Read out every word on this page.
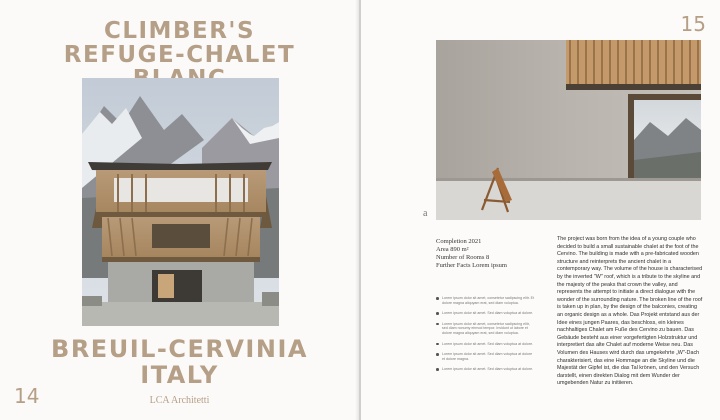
CLIMBER'S
REFUGE-CHALET
BREUIL-CERVINIA
ITALY
14	LCA Architetti
15
a
Completion 2021
Area 890 m²
Number of Rooms 8
Further Facts Lorem ipsum
Lorem ipsum dolor sit amet, consetetur sadipscing elitr. Et dolore magna aliquyam erat, sed diam voluptua.
Lorem ipsum dolor sit amet. Sed diam voluptua at dolore.
Lorem ipsum dolor sit amet, consetetur sadipscing elitr, sed diam nonumy eirmod tempor. Invidunt ut labore et dolore magna aliquyam erat, sed diam voluptua.
Lorem ipsum dolor sit amet. Sed diam voluptua at dolore.
Lorem ipsum dolor sit amet. Sed diam voluptua at dolore et dolore magna.
Lorem ipsum dolor sit amet. Sed diam voluptua at dolore.

The project was born from the idea of a young couple who decided to build a small sustainable chalet at the foot of the Cervino. The building is made with a pre-fabricated wooden structure and reinterprets the ancient chalet in a contemporary way. The volume of the house is characterised by the inverted "W" roof, which is a tribute to the skyline and the majesty of the peaks that crown the valley, and represents the attempt to initiate a direct dialogue with the wonder of the surrounding nature. The broken line of the roof is taken up in plan, by the design of the balconies, creating an organic design as a whole. Das Projekt entstand aus der Idee eines jungen Paares, das beschloss, ein kleines nachhaltiges Chalet am Fuße des Cervino zu bauen. Das Gebäude besteht aus einer vorgefertigten Holzstruktur und interpretiert das alte Chalet auf moderne Weise neu. Das Volumen des Hauses wird durch das umgekehrte „W"-Dach charakterisiert, das eine Hommage an die Skyline und die Majestät der Gipfel ist, die das Tal krönen, und den Versuch darstellt, einen direkten Dialog mit dem Wunder der umgebenden Natur zu initiieren.
